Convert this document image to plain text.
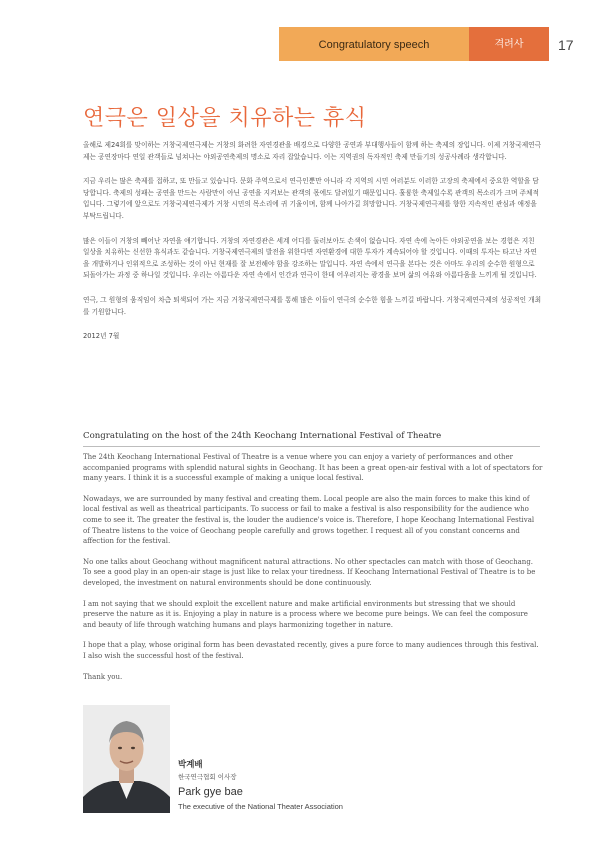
Congratulatory speech	격려사	17
연극은 일상을 치유하는 휴식

올해로 제24회를 맞이하는 거창국제연극제는 거창의 화려한 자연경관을 배경으로 다양한 공연과 부대행사들이 함께 하는 축제의 장입니다. 이제 거창국제연극제는 공연장마다 연일 관객들로 넘쳐나는 야외공연축제의 명소로 자리 잡았습니다. 이는 지역권의 독자적인 축제 만들기의 성공사례라 생각합니다.

지금 우리는 많은 축제를 접하고, 또 만들고 있습니다. 문화 주역으로서 연극인뿐만 아니라 각 지역의 시민 여러분도 이러한 고장의 축제에서 중요한 역할을 담당합니다. 축제의 성패는 공연을 만드는 사람만이 아닌 공연을 지켜보는 관객의 몫에도 달려있기 때문입니다. 훌륭한 축제일수록 관객의 목소리가 크며 주체적입니다. 그렇기에 앞으로도 거창국제연극제가 거창 시민의 목소리에 귀 기울이며, 함께 나아가길 희망합니다. 거창국제연극제를 향한 지속적인 관심과 애정을 부탁드립니다.

많은 이들이 거창의 빼어난 자연을 얘기합니다. 거창의 자연경관은 세계 어디를 둘러보아도 손색이 없습니다. 자연 속에 녹아든 야외공연을 보는 경험은 지친 일상을 치유하는 신선한 휴식과도 같습니다. 거창국제연극제의 발전을 위한다면 자연환경에 대한 투자가 계속되어야 할 것입니다. 이때의 투자는 타고난 자연을 개발하거나 인위적으로 조성하는 것이 아닌 현재를 잘 보전해야 함을 강조하는 말입니다. 자연 속에서 연극을 본다는 것은 아마도 우리의 순수한 원형으로 되돌아가는 과정 중 하나일 것입니다. 우리는 아름다운 자연 속에서 인간과 연극이 한데 어우러지는 광경을 보며 삶의 여유와 아름다움을 느끼게 될 것입니다.

연극, 그 원형의 움직임이 차츰 퇴색되어 가는 지금 거창국제연극제를 통해 많은 이들이 연극의 순수한 힘을 느끼길 바랍니다. 거창국제연극제의 성공적인 개최를 기원합니다.

2012년 7월

Congratulating on the host of the 24th Keochang International Festival of Theatre

The 24th Keochang International Festival of Theatre is a venue where you can enjoy a variety of performances and other accompanied programs with splendid natural sights in Geochang. It has been a great open-air festival with a lot of spectators for many years. I think it is a successful example of making a unique local festival.

Nowadays, we are surrounded by many festival and creating them. Local people are also the main forces to make this kind of local festival as well as theatrical participants. To success or fail to make a festival is also responsibility for the audience who come to see it. The greater the festival is, the louder the audience's voice is. Therefore, I hope Keochang International Festival of Theatre listens to the voice of Geochang people carefully and grows together. I request all of you constant concerns and affection for the festival.

No one talks about Geochang without magnificent natural attractions. No other spectacles can match with those of Geochang. To see a good play in an open-air stage is just like to relax your tiredness. If Keochang International Festival of Theatre is to be developed, the investment on natural environments should be done continuously.

I am not saying that we should exploit the excellent nature and make artificial environments but stressing that we should preserve the nature as it is. Enjoying a play in nature is a process where we become pure beings. We can feel the composure and beauty of life through watching humans and plays harmonizing together in nature.

I hope that a play, whose original form has been devastated recently, gives a pure force to many audiences through this festival. I also wish the successful host of the festival.

Thank you.

박계배
한국연극협회 이사장
Park gye bae
The executive of the National Theater Association
